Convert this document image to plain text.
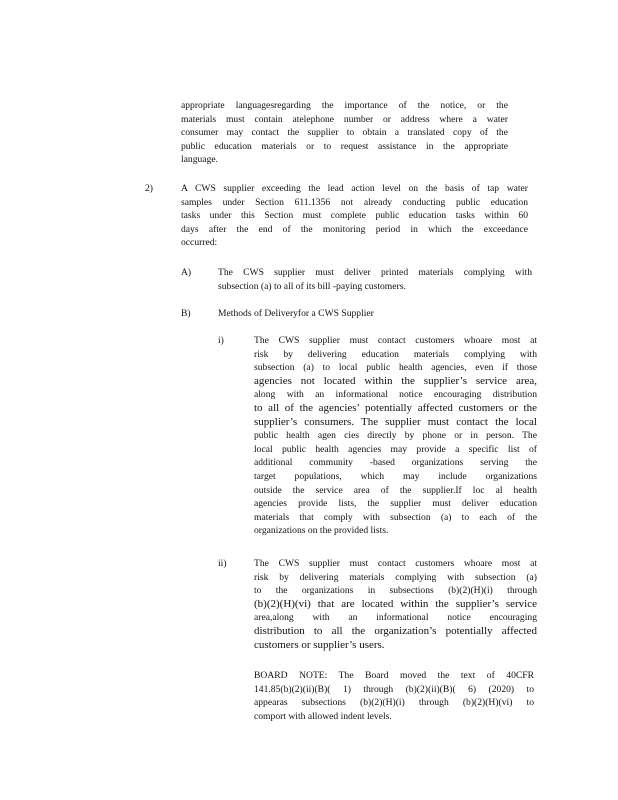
appropriate languagesregarding the importance of the notice, or the
materials must contain atelephone number or address where a water
consumer may contact the supplier to obtain a translated copy of the
public education materials or to request assistance in the appropriate
language.
2)	A CWS supplier exceeding the lead action level on the basis of tap water
samples under Section 611.1356 not already conducting public education
tasks under this Section must complete public education tasks within 60
days after the end of the monitoring period in which the exceedance
occurred:
A)	The CWS supplier must deliver printed materials complying with
subsection (a) to all of its bill -paying customers.
B)	Methods of Deliveryfor a CWS Supplier
i)	The CWS supplier must contact customers whoare most at
risk by delivering education materials complying with
subsection (a) to local public health agencies, even if those
agencies not located within the supplier’s service area,
along with an informational notice encouraging distribution
to all of the agencies’ potentially affected customers or the
supplier’s consumers. The supplier must contact the local
public health agen cies directly by phone or in person. The
local public health agencies may provide a specific list of
additional community -based organizations serving the
target populations, which may include organizations
outside the service area of the supplier.If loc al health
agencies provide lists, the supplier must deliver education
materials that comply with subsection (a) to each of the
organizations on the provided lists.
ii)	The CWS supplier must contact customers whoare most at
risk by delivering materials complying with subsection (a)
to the organizations in subsections (b)(2)(H)(i) through
(b)(2)(H)(vi) that are located within the supplier’s service
area,along with an informational notice encouraging
distribution to all the organization’s potentially affected
customers or supplier’s users.
BOARD NOTE: The Board moved the text of 40CFR
141.85(b)(2)(ii)(B)( 1) through (b)(2)(ii)(B)( 6) (2020) to
appearas subsections (b)(2)(H)(i) through (b)(2)(H)(vi) to
comport with allowed indent levels.
